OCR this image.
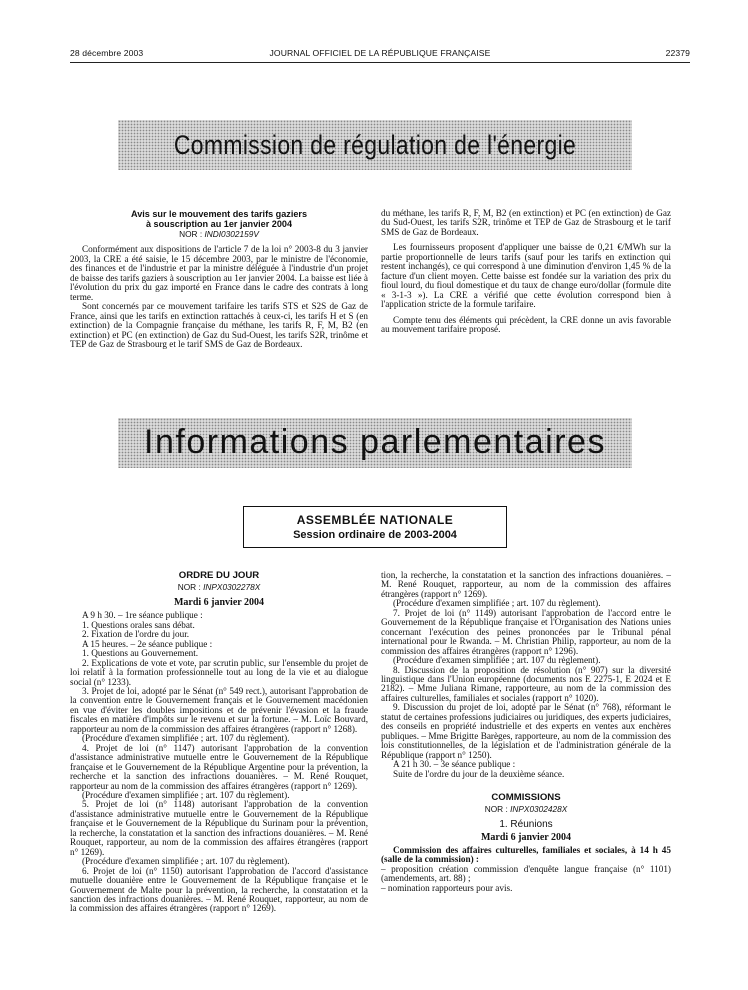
28 décembre 2003	JOURNAL OFFICIEL DE LA RÉPUBLIQUE FRANÇAISE	22379
Commission de régulation de l'énergie
Avis sur le mouvement des tarifs gaziers
à souscription au 1er janvier 2004
NOR : INDI0302159V

Conformément aux dispositions de l'article 7 de la loi n° 2003-8 du 3 janvier 2003, la CRE a été saisie, le 15 décembre 2003, par le ministre de l'économie, des finances et de l'industrie et par la ministre déléguée à l'industrie d'un projet de baisse des tarifs gaziers à souscription au 1er janvier 2004. La baisse est liée à l'évolution du prix du gaz importé en France dans le cadre des contrats à long terme.

Sont concernés par ce mouvement tarifaire les tarifs STS et S2S de Gaz de France, ainsi que les tarifs en extinction rattachés à ceux-ci, les tarifs H et S (en extinction) de la Compagnie française du méthane, les tarifs R, F, M, B2 (en extinction) et PC (en extinction) de Gaz du Sud-Ouest, les tarifs S2R, trinôme et TEP de Gaz de Strasbourg et le tarif SMS de Gaz de Bordeaux.

du méthane, les tarifs R, F, M, B2 (en extinction) et PC (en extinction) de Gaz du Sud-Ouest, les tarifs S2R, trinôme et TEP de Gaz de Strasbourg et le tarif SMS de Gaz de Bordeaux.

Les fournisseurs proposent d'appliquer une baisse de 0,21 €/MWh sur la partie proportionnelle de leurs tarifs (sauf pour les tarifs en extinction qui restent inchangés), ce qui correspond à une diminution d'environ 1,45 % de la facture d'un client moyen. Cette baisse est fondée sur la variation des prix du fioul lourd, du fioul domestique et du taux de change euro/dollar (formule dite « 3-1-3 »). La CRE a vérifié que cette évolution correspond bien à l'application stricte de la formule tarifaire.

Compte tenu des éléments qui précèdent, la CRE donne un avis favorable au mouvement tarifaire proposé.

Informations parlementaires
ASSEMBLÉE NATIONALE
Session ordinaire de 2003-2004
ORDRE DU JOUR
NOR : INPX0302278X
Mardi 6 janvier 2004

A 9 h 30. – 1re séance publique :

1. Questions orales sans débat.

2. Fixation de l'ordre du jour.

A 15 heures. – 2e séance publique :

1. Questions au Gouvernement.

2. Explications de vote et vote, par scrutin public, sur l'ensemble du projet de loi relatif à la formation professionnelle tout au long de la vie et au dialogue social (n° 1233).

3. Projet de loi, adopté par le Sénat (n° 549 rect.), autorisant l'approbation de la convention entre le Gouvernement français et le Gouvernement macédonien en vue d'éviter les doubles impositions et de prévenir l'évasion et la fraude fiscales en matière d'impôts sur le revenu et sur la fortune. – M. Loïc Bouvard, rapporteur au nom de la commission des affaires étrangères (rapport n° 1268).

(Procédure d'examen simplifiée ; art. 107 du règlement).

4. Projet de loi (n° 1147) autorisant l'approbation de la convention d'assistance administrative mutuelle entre le Gouvernement de la République française et le Gouvernement de la République Argentine pour la prévention, la recherche et la sanction des infractions douanières. – M. René Rouquet, rapporteur au nom de la commission des affaires étrangères (rapport n° 1269).

(Procédure d'examen simplifiée ; art. 107 du règlement).

5. Projet de loi (n° 1148) autorisant l'approbation de la convention d'assistance administrative mutuelle entre le Gouvernement de la République française et le Gouvernement de la République du Surinam pour la prévention, la recherche, la constatation et la sanction des infractions douanières. – M. René Rouquet, rapporteur, au nom de la commission des affaires étrangères (rapport n° 1269).

(Procédure d'examen simplifiée ; art. 107 du règlement).

6. Projet de loi (n° 1150) autorisant l'approbation de l'accord d'assistance mutuelle douanière entre le Gouvernement de la République française et le Gouvernement de Malte pour la prévention, la recherche, la constatation et la sanction des infractions douanières. – M. René Rouquet, rapporteur, au nom de la commission des affaires étrangères (rapport n° 1269).

tion, la recherche, la constatation et la sanction des infractions douanières. – M. René Rouquet, rapporteur, au nom de la commission des affaires étrangères (rapport n° 1269).

(Procédure d'examen simplifiée ; art. 107 du règlement).

7. Projet de loi (n° 1149) autorisant l'approbation de l'accord entre le Gouvernement de la République française et l'Organisation des Nations unies concernant l'exécution des peines prononcées par le Tribunal pénal international pour le Rwanda. – M. Christian Philip, rapporteur, au nom de la commission des affaires étrangères (rapport n° 1296).

(Procédure d'examen simplifiée ; art. 107 du règlement).

8. Discussion de la proposition de résolution (n° 907) sur la diversité linguistique dans l'Union européenne (documents nos E 2275-1, E 2024 et E 2182). – Mme Juliana Rimane, rapporteure, au nom de la commission des affaires culturelles, familiales et sociales (rapport n° 1020).

9. Discussion du projet de loi, adopté par le Sénat (n° 768), réformant le statut de certaines professions judiciaires ou juridiques, des experts judiciaires, des conseils en propriété industrielle et des experts en ventes aux enchères publiques. – Mme Brigitte Barèges, rapporteure, au nom de la commission des lois constitutionnelles, de la législation et de l'administration générale de la République (rapport n° 1250).

A 21 h 30. – 3e séance publique :

Suite de l'ordre du jour de la deuxième séance.

COMMISSIONS
NOR : INPX0302428X
1. Réunions
Mardi 6 janvier 2004

Commission des affaires culturelles, familiales et sociales, à 14 h 45 (salle de la commission) :

– proposition création commission d'enquête langue française (n° 1101) (amendements, art. 88) ;

– nomination rapporteurs pour avis.
